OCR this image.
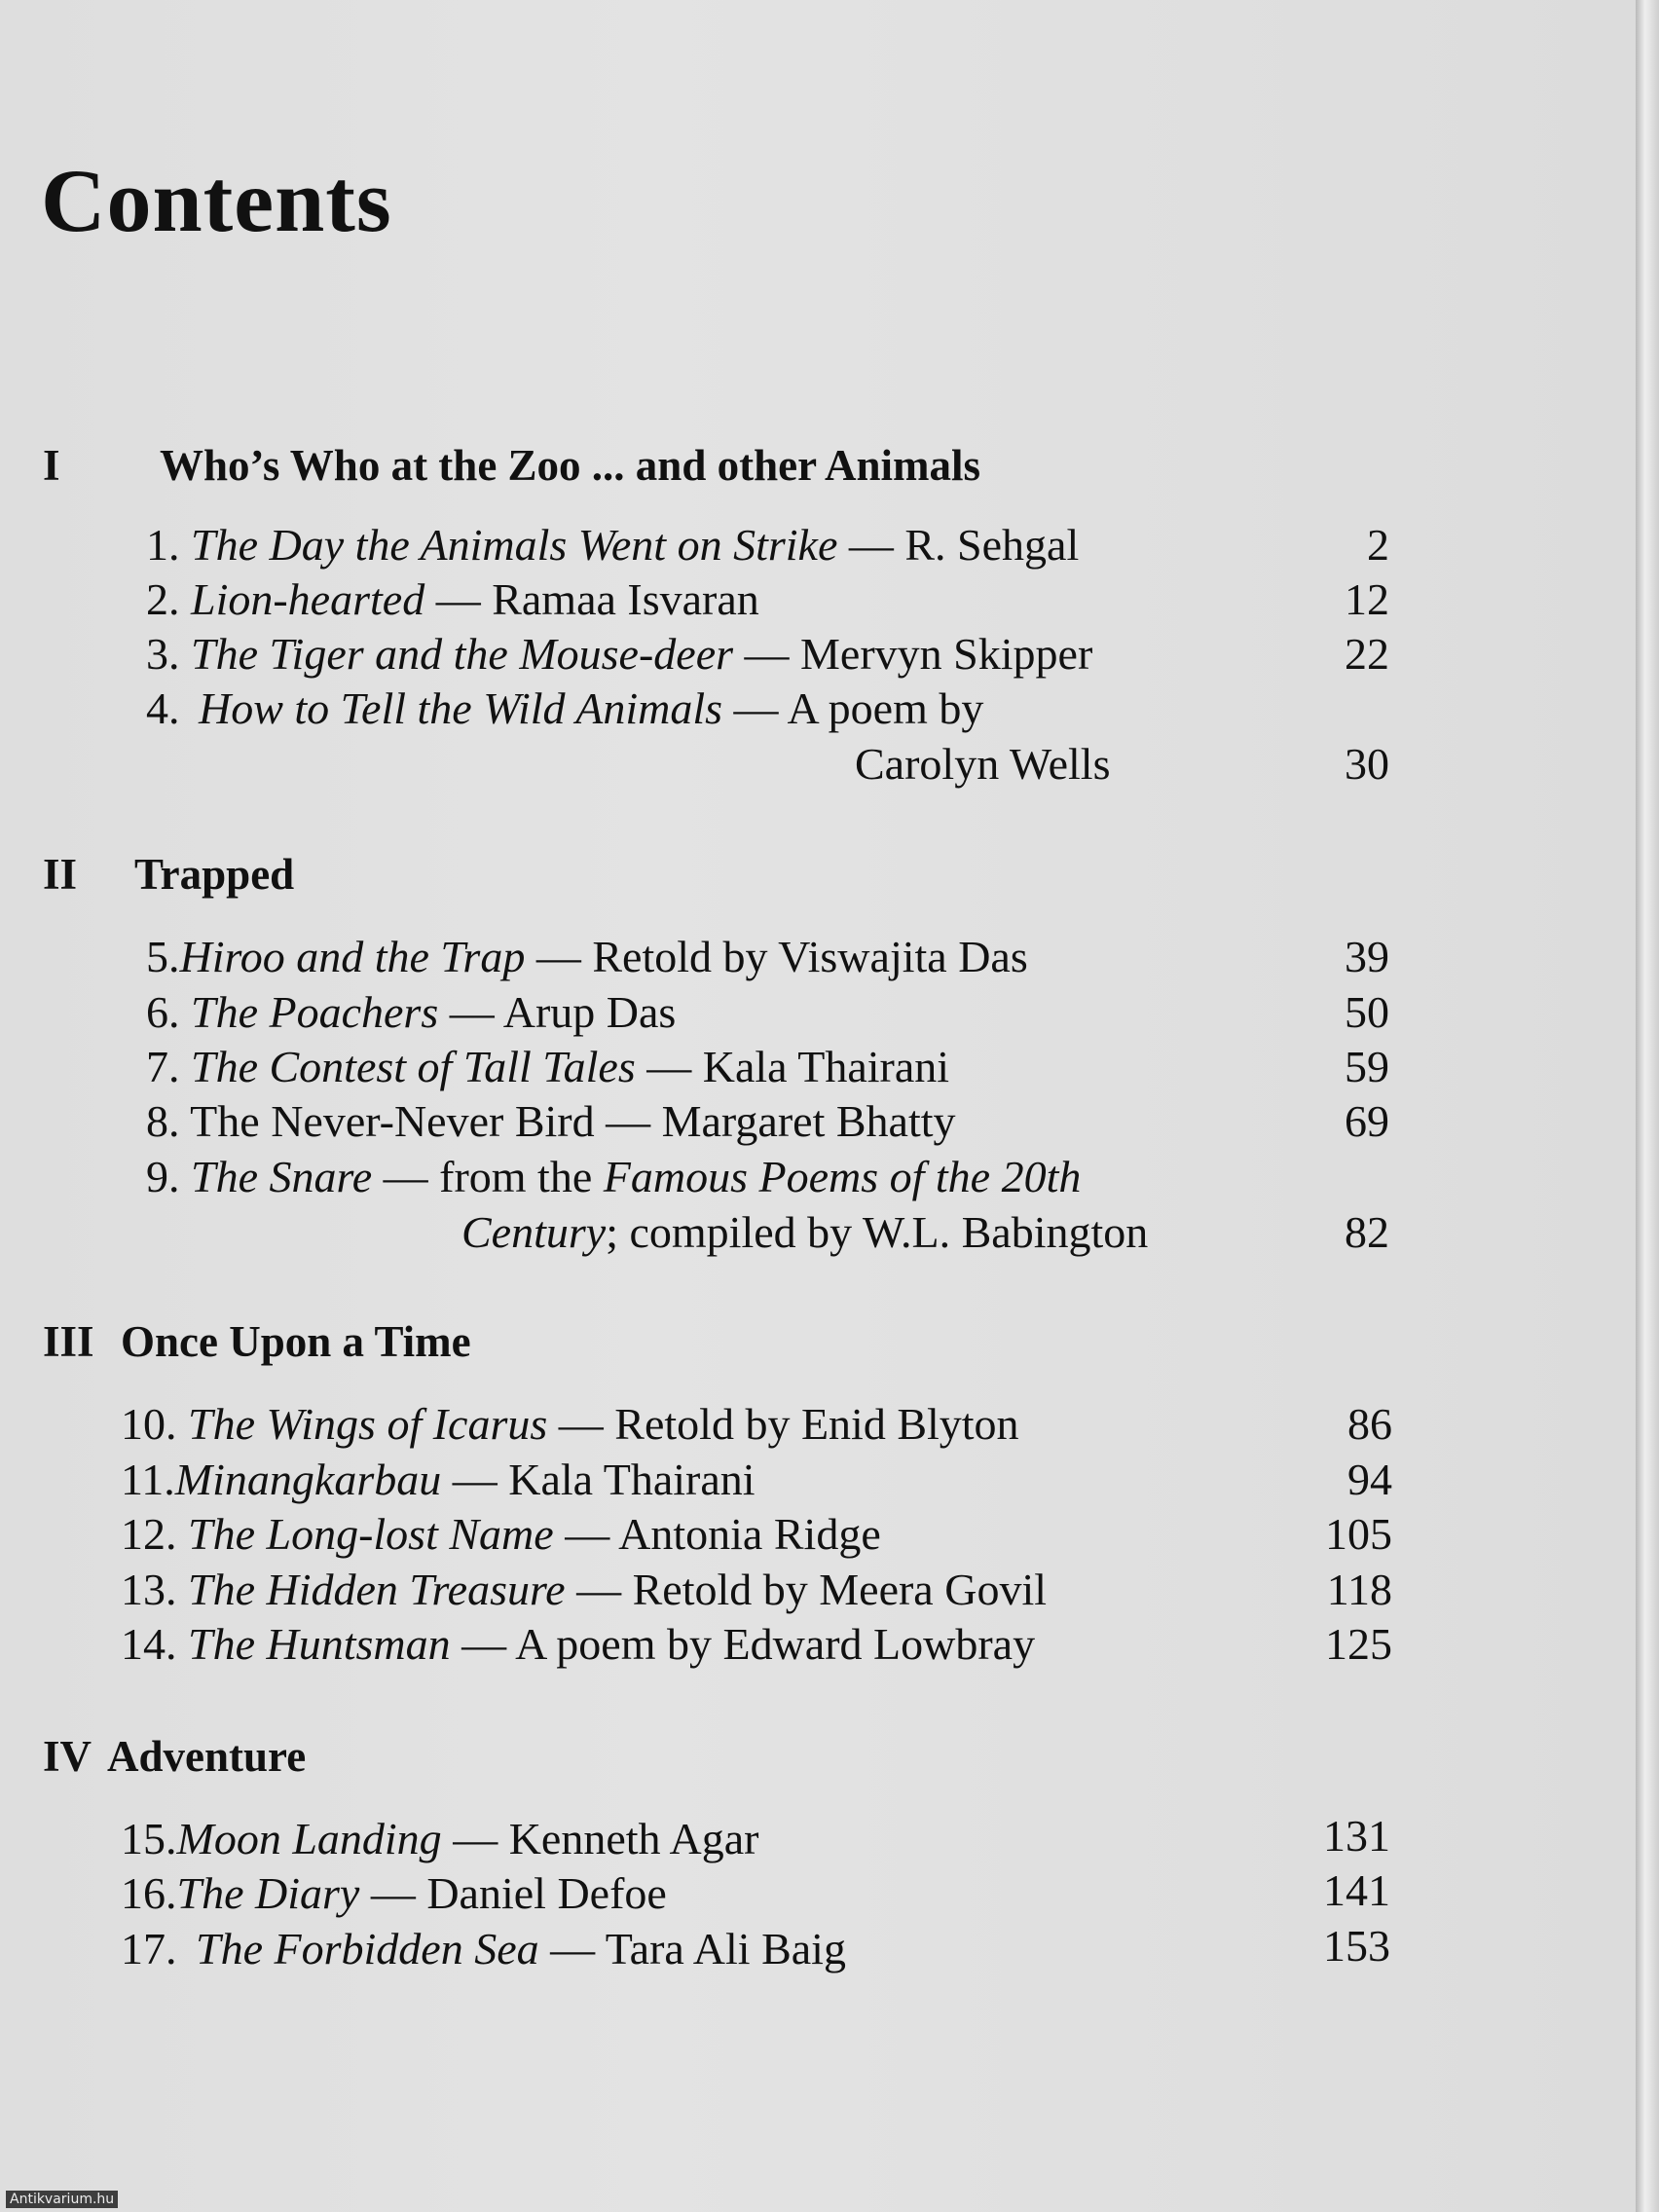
Contents
I Who’s Who at the Zoo ... and other Animals
1. The Day the Animals Went on Strike — R. Sehgal	2
2. Lion-hearted — Ramaa Isvaran	12
3. The Tiger and the Mouse-deer — Mervyn Skipper	22
4. How to Tell the Wild Animals — A poem by
Carolyn Wells	30
II Trapped
5.Hiroo and the Trap — Retold by Viswajita Das	39
6. The Poachers — Arup Das	50
7. The Contest of Tall Tales — Kala Thairani	59
8. The Never-Never Bird — Margaret Bhatty	69
9. The Snare — from the Famous Poems of the 20th
Century; compiled by W.L. Babington	82
III Once Upon a Time
10. The Wings of Icarus — Retold by Enid Blyton	86
11.Minangkarbau — Kala Thairani	94
12. The Long-lost Name — Antonia Ridge	105
13. The Hidden Treasure — Retold by Meera Govil	118
14. The Huntsman — A poem by Edward Lowbray	125
IV Adventure
15.Moon Landing — Kenneth Agar	131
16.The Diary — Daniel Defoe	141
17. The Forbidden Sea — Tara Ali Baig	153
Antikvarium.hu
